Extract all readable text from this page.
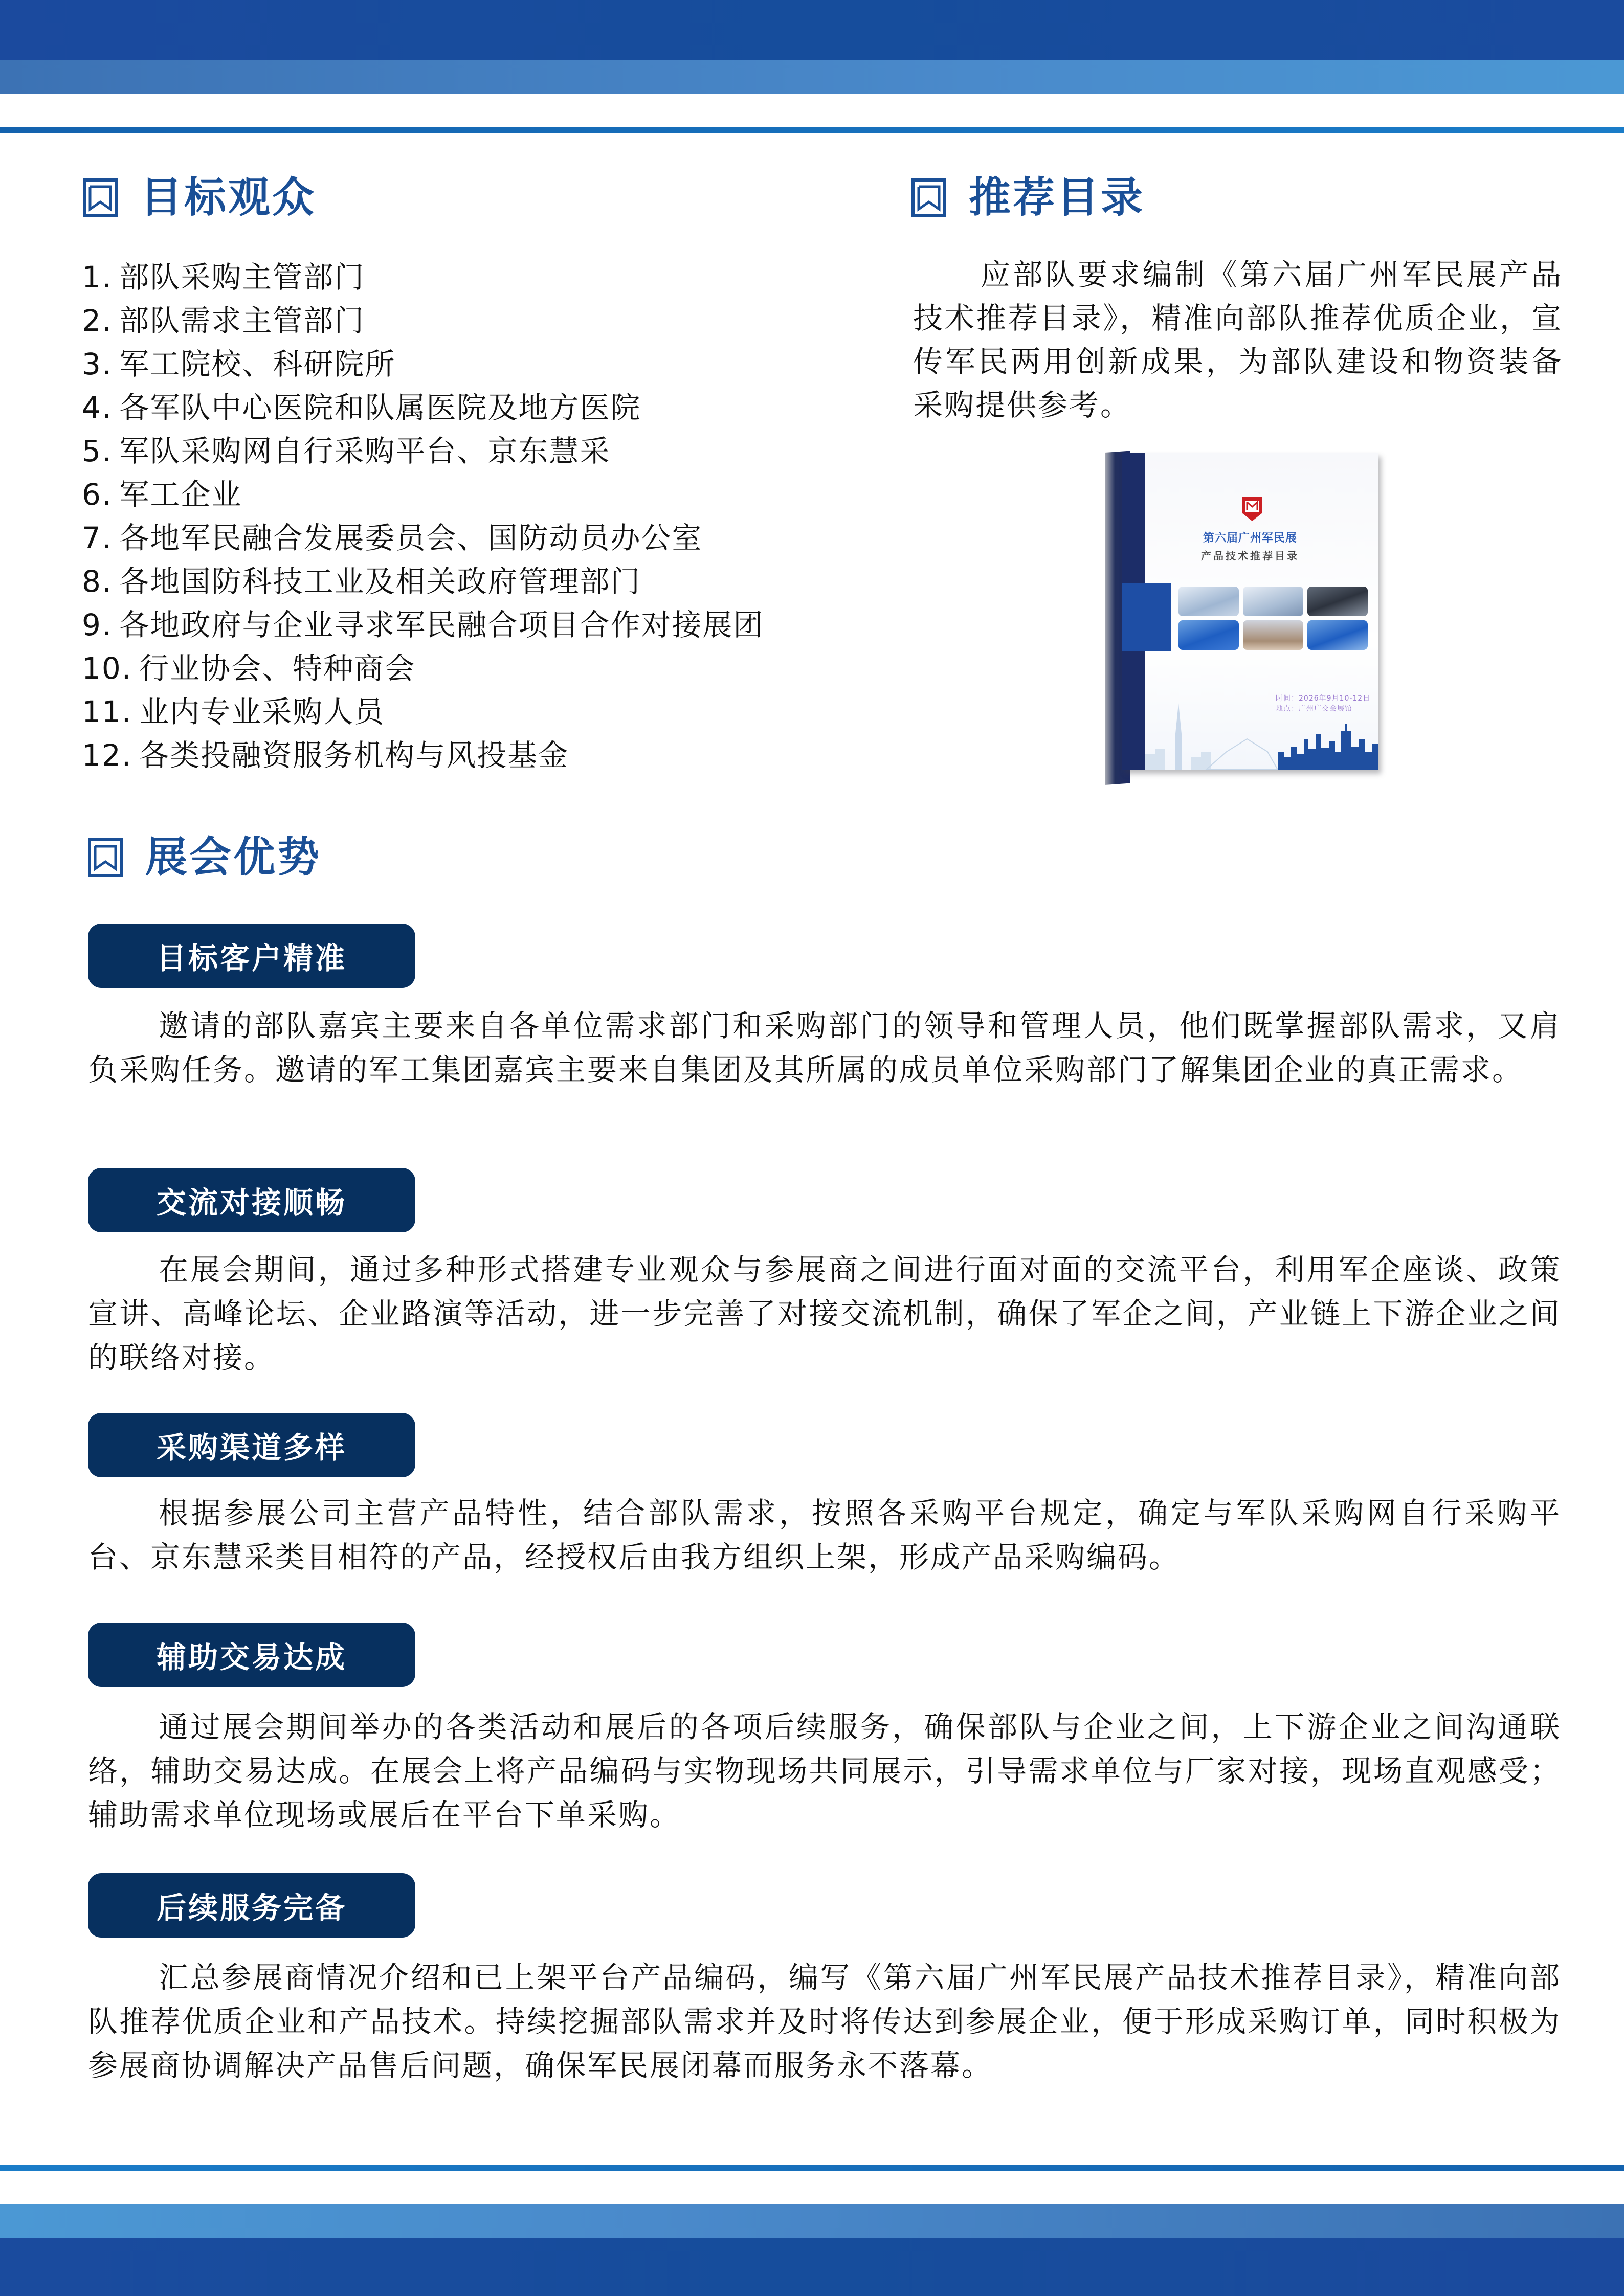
目标观众
1. 部队采购主管部门
2. 部队需求主管部门
3. 军工院校、科研院所
4. 各军队中心医院和队属医院及地方医院
5. 军队采购网自行采购平台、京东慧采
6. 军工企业
7. 各地军民融合发展委员会、国防动员办公室
8. 各地国防科技工业及相关政府管理部门
9. 各地政府与企业寻求军民融合项目合作对接展团
10. 行业协会、特种商会
11. 业内专业采购人员
12. 各类投融资服务机构与风投基金
推荐目录

应部队要求编制《第六届广州军民展产品技术推荐目录》，精准向部队推荐优质企业，宣传军民两用创新成果，为部队建设和物资装备采购提供参考。

第六届广州军民展
产品技术推荐目录
时间：2026年9月10-12日
地点：广州广交会展馆
展会优势
目标客户精准

邀请的部队嘉宾主要来自各单位需求部门和采购部门的领导和管理人员，他们既掌握部队需求，又肩负采购任务。邀请的军工集团嘉宾主要来自集团及其所属的成员单位采购部门了解集团企业的真正需求。

交流对接顺畅

在展会期间，通过多种形式搭建专业观众与参展商之间进行面对面的交流平台，利用军企座谈、政策宣讲、高峰论坛、企业路演等活动，进一步完善了对接交流机制，确保了军企之间，产业链上下游企业之间的联络对接。

采购渠道多样

根据参展公司主营产品特性，结合部队需求，按照各采购平台规定，确定与军队采购网自行采购平台、京东慧采类目相符的产品，经授权后由我方组织上架，形成产品采购编码。

辅助交易达成

通过展会期间举办的各类活动和展后的各项后续服务，确保部队与企业之间，上下游企业之间沟通联络，辅助交易达成。在展会上将产品编码与实物现场共同展示，引导需求单位与厂家对接，现场直观感受；辅助需求单位现场或展后在平台下单采购。

后续服务完备

汇总参展商情况介绍和已上架平台产品编码，编写《第六届广州军民展产品技术推荐目录》，精准向部队推荐优质企业和产品技术。持续挖掘部队需求并及时将传达到参展企业，便于形成采购订单，同时积极为参展商协调解决产品售后问题，确保军民展闭幕而服务永不落幕。
